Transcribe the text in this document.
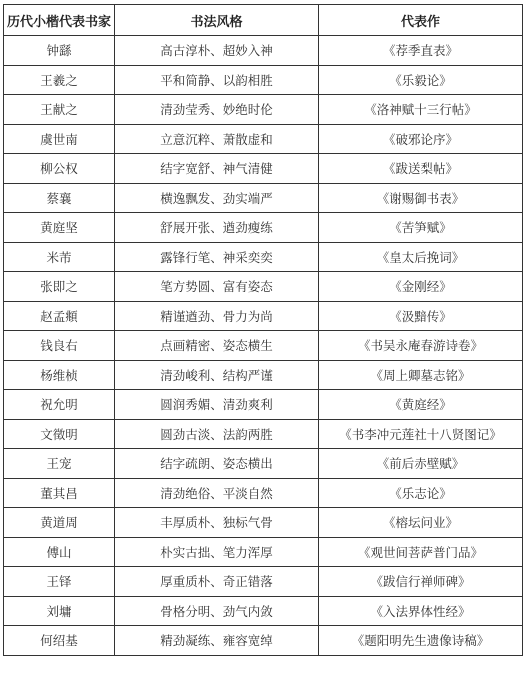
历代小楷代表书家	书法风格	代表作
钟繇	高古淳朴、超妙入神	《荐季直表》
王羲之	平和简静、以韵相胜	《乐毅论》
王献之	清劲莹秀、妙绝时伦	《洛神赋十三行帖》
虞世南	立意沉粹、萧散虚和	《破邪论序》
柳公权	结字宽舒、神气清健	《跋送梨帖》
蔡襄	横逸飘发、劲实端严	《谢赐御书表》
黄庭坚	舒展开张、遒劲瘦练	《苦笋赋》
米芾	露锋行笔、神采奕奕	《皇太后挽词》
张即之	笔方势圆、富有姿态	《金刚经》
赵孟頫	精谨遒劲、骨力为尚	《汲黯传》
钱良右	点画精密、姿态横生	《书吴永庵春游诗卷》
杨维桢	清劲峻利、结构严谨	《周上卿墓志铭》
祝允明	圆润秀媚、清劲爽利	《黄庭经》
文徵明	圆劲古淡、法韵两胜	《书李冲元莲社十八贤图记》
王宠	结字疏朗、姿态横出	《前后赤壁赋》
董其昌	清劲绝俗、平淡自然	《乐志论》
黄道周	丰厚质朴、独标气骨	《榕坛问业》
傅山	朴实古拙、笔力浑厚	《观世间菩萨普门品》
王铎	厚重质朴、奇正错落	《跋信行禅师碑》
刘墉	骨格分明、劲气内敛	《入法界体性经》
何绍基	精劲凝练、雍容宽绰	《题阳明先生遗像诗稿》
